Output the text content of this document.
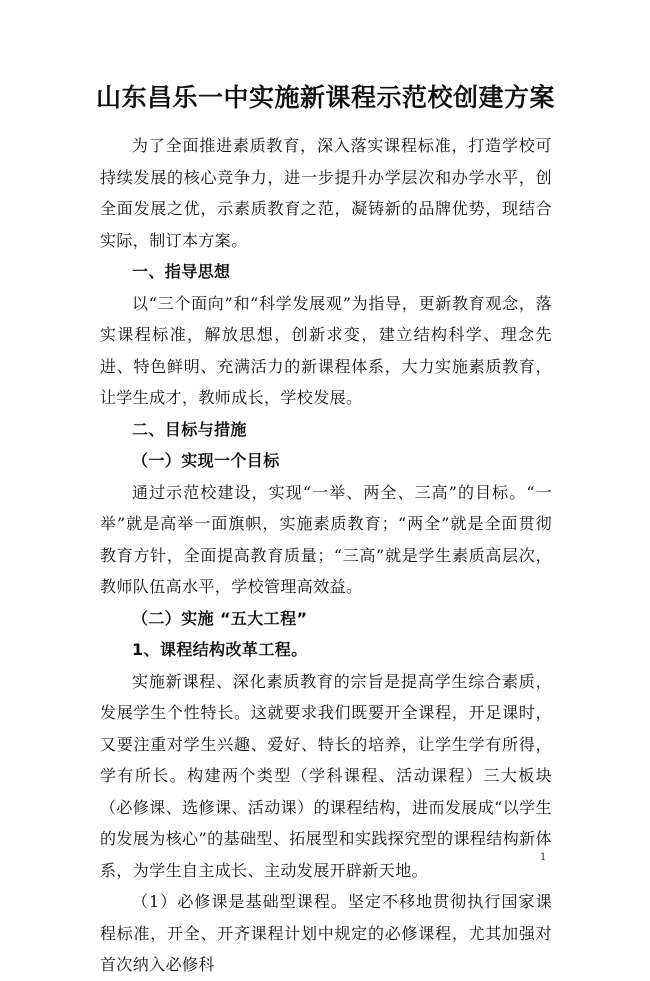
山东昌乐一中实施新课程示范校创建方案

为了全面推进素质教育，深入落实课程标准，打造学校可持续发展的核心竞争力，进一步提升办学层次和办学水平，创全面发展之优，示素质教育之范，凝铸新的品牌优势，现结合实际，制订本方案。

一、指导思想

以“三个面向”和“科学发展观”为指导，更新教育观念，落实课程标准，解放思想，创新求变，建立结构科学、理念先进、特色鲜明、充满活力的新课程体系，大力实施素质教育，让学生成才，教师成长，学校发展。

二、目标与措施

（一）实现一个目标

通过示范校建设，实现“一举、两全、三高”的目标。“一举”就是高举一面旗帜，实施素质教育；“两全”就是全面贯彻教育方针，全面提高教育质量；“三高”就是学生素质高层次，教师队伍高水平，学校管理高效益。

（二）实施 “五大工程”

1、课程结构改革工程。

实施新课程、深化素质教育的宗旨是提高学生综合素质，发展学生个性特长。这就要求我们既要开全课程，开足课时，又要注重对学生兴趣、爱好、特长的培养，让学生学有所得，学有所长。构建两个类型（学科课程、活动课程）三大板块（必修课、选修课、活动课）的课程结构，进而发展成“以学生的发展为核心”的基础型、拓展型和实践探究型的课程结构新体系，为学生自主成长、主动发展开辟新天地。

（1）必修课是基础型课程。坚定不移地贯彻执行国家课程标准，开全、开齐课程计划中规定的必修课程，尤其加强对首次纳入必修科

1
